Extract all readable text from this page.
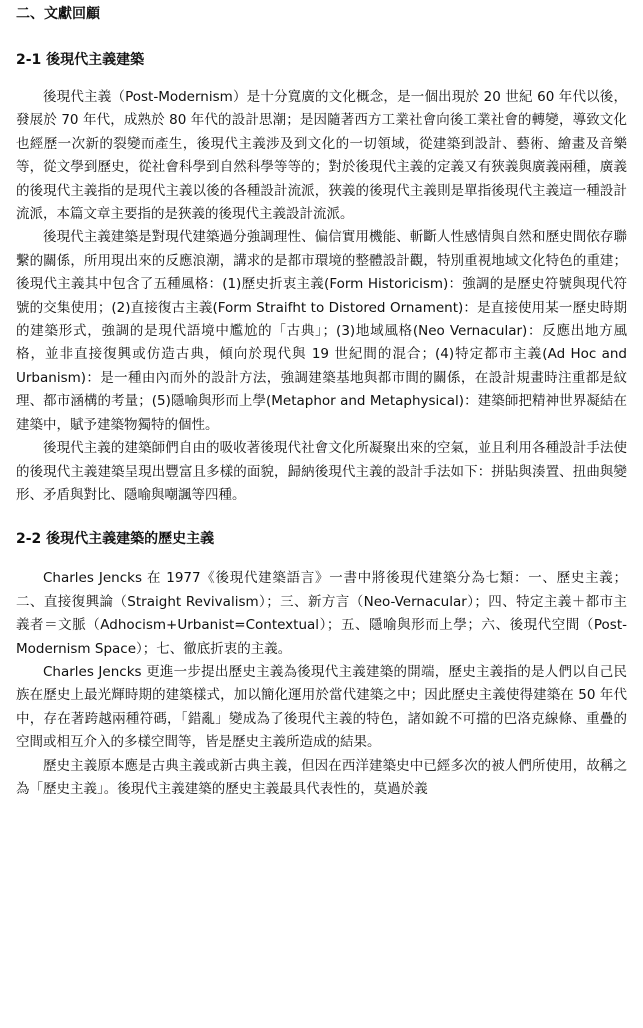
二、文獻回顧
2-1 後現代主義建築

後現代主義（Post-Modernism）是十分寬廣的文化概念，是一個出現於 20 世紀 60 年代以後，發展於 70 年代，成熟於 80 年代的設計思潮；是因隨著西方工業社會向後工業社會的轉變，導致文化也經歷一次新的裂變而產生，後現代主義涉及到文化的一切領域，從建築到設計、藝術、繪畫及音樂等，從文學到歷史，從社會科學到自然科學等等的；對於後現代主義的定義又有狹義與廣義兩種，廣義的後現代主義指的是現代主義以後的各種設計流派，狹義的後現代主義則是單指後現代主義這一種設計流派，本篇文章主要指的是狹義的後現代主義設計流派。

後現代主義建築是對現代建築過分強調理性、偏信實用機能、斬斷人性感情與自然和歷史間依存聯繫的關係，所用現出來的反應浪潮，講求的是都市環境的整體設計觀，特別重視地域文化特色的重建；後現代主義其中包含了五種風格：(1)歷史折衷主義(Form Historicism)：強調的是歷史符號與現代符號的交集使用；(2)直接復古主義(Form Straifht to Distored Ornament)：是直接使用某一歷史時期的建築形式，強調的是現代語境中尷尬的「古典」；(3)地域風格(Neo Vernacular)：反應出地方風格，並非直接復興或仿造古典，傾向於現代與 19 世紀間的混合；(4)特定都市主義(Ad Hoc and Urbanism)：是一種由內而外的設計方法，強調建築基地與都市間的關係，在設計規畫時注重都是紋理、都市涵構的考量；(5)隱喻與形而上學(Metaphor and Metaphysical)：建築師把精神世界凝結在建築中，賦予建築物獨特的個性。

後現代主義的建築師們自由的吸收著後現代社會文化所凝聚出來的空氣，並且利用各種設計手法使的後現代主義建築呈現出豐富且多樣的面貌，歸納後現代主義的設計手法如下：拼貼與湊置、扭曲與變形、矛盾與對比、隱喻與嘲諷等四種。

2-2 後現代主義建築的歷史主義

Charles Jencks 在 1977《後現代建築語言》一書中將後現代建築分為七類：一、歷史主義；二、直接復興論（Straight Revivalism）；三、新方言（Neo-Vernacular）；四、特定主義＋都市主義者＝文脈（Adhocism+Urbanist=Contextual）；五、隱喻與形而上學；六、後現代空間（Post-Modernism Space）；七、徹底折衷的主義。

Charles Jencks 更進一步提出歷史主義為後現代主義建築的開端，歷史主義指的是人們以自己民族在歷史上最光輝時期的建築樣式，加以簡化運用於當代建築之中；因此歷史主義使得建築在 50 年代中，存在著跨越兩種符碼，「錯亂」變成為了後現代主義的特色，諸如銳不可擋的巴洛克線條、重疊的空間或相互介入的多樣空間等，皆是歷史主義所造成的結果。

歷史主義原本應是古典主義或新古典主義，但因在西洋建築史中已經多次的被人們所使用，故稱之為「歷史主義」。後現代主義建築的歷史主義最具代表性的，莫過於義
